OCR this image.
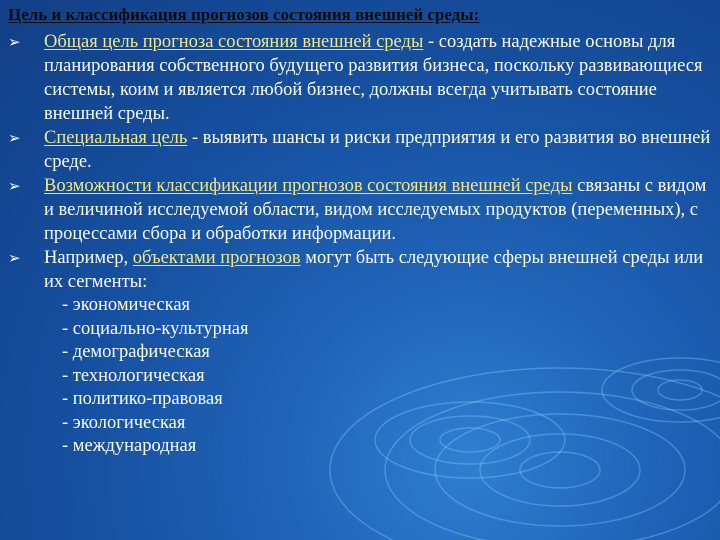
Цель и классификация прогнозов состояния внешней среды:
➢ Общая цель прогноза состояния внешней среды - создать надежные основы для планирования собственного будущего развития бизнеса, поскольку развивающиеся системы, коим и является любой бизнес, должны всегда учитывать состояние внешней среды.
➢ Специальная цель - выявить шансы и риски предприятия и его развития во внешней среде.
➢ Возможности классификации прогнозов состояния внешней среды связаны с видом и величиной исследуемой области, видом исследуемых продуктов (переменных), с процессами сбора и обработки информации.
➢ Например, объектами прогнозов могут быть следующие сферы внешней среды или их сегменты:
- экономическая
- социально-культурная
- демографическая
- технологическая
- политико-правовая
- экологическая
- международная
